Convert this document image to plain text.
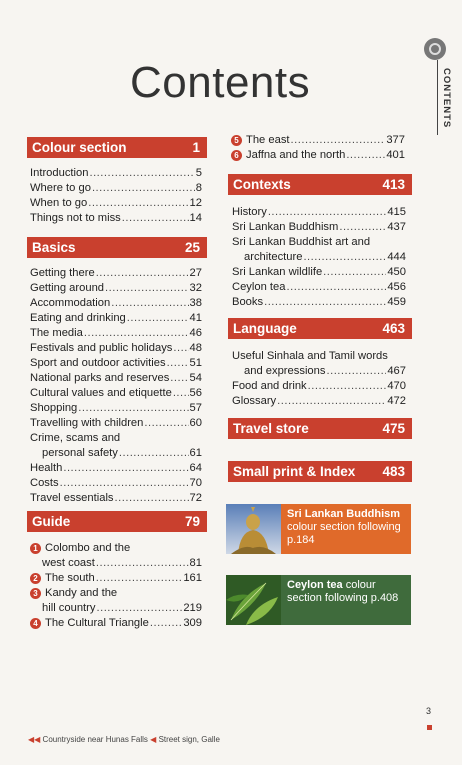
CONTENTS
Contents
Colour section	1
Introduction .....	5
Where to go .....	8
When to go .....	12
Things not to miss .....	14
Basics	25
Getting there .....	27
Getting around .....	32
Accommodation .....	38
Eating and drinking .....	41
The media .....	46
Festivals and public holidays ..... 48
Sport and outdoor activities ..... 51
National parks and reserves ..... 54
Cultural values and etiquette ..... 56
Shopping .....	57
Travelling with children .....	60
Crime, scams and
personal safety .....	61
Health .....	64
Costs .....	70
Travel essentials .....	72
Guide	79
1 Colombo and the
west coast .....	81
2 The south .....	161
3 Kandy and the
hill country .....	219
4 The Cultural Triangle .....	309
5 The east .....	377
6 Jaffna and the north .....	401
Contexts	413
History .....	415
Sri Lankan Buddhism .....	437
Sri Lankan Buddhist art and
architecture .....	444
Sri Lankan wildlife .....	450
Ceylon tea .....	456
Books .....	459
Language	463
Useful Sinhala and Tamil words
and expressions .....	467
Food and drink .....	470
Glossary .....	472
Travel store	475
Small print & Index 483
Sri Lankan Buddhism colour section following p.184
Ceylon tea colour section following p.408
3
◀◀ Countryside near Hunas Falls ◀ Street sign, Galle
